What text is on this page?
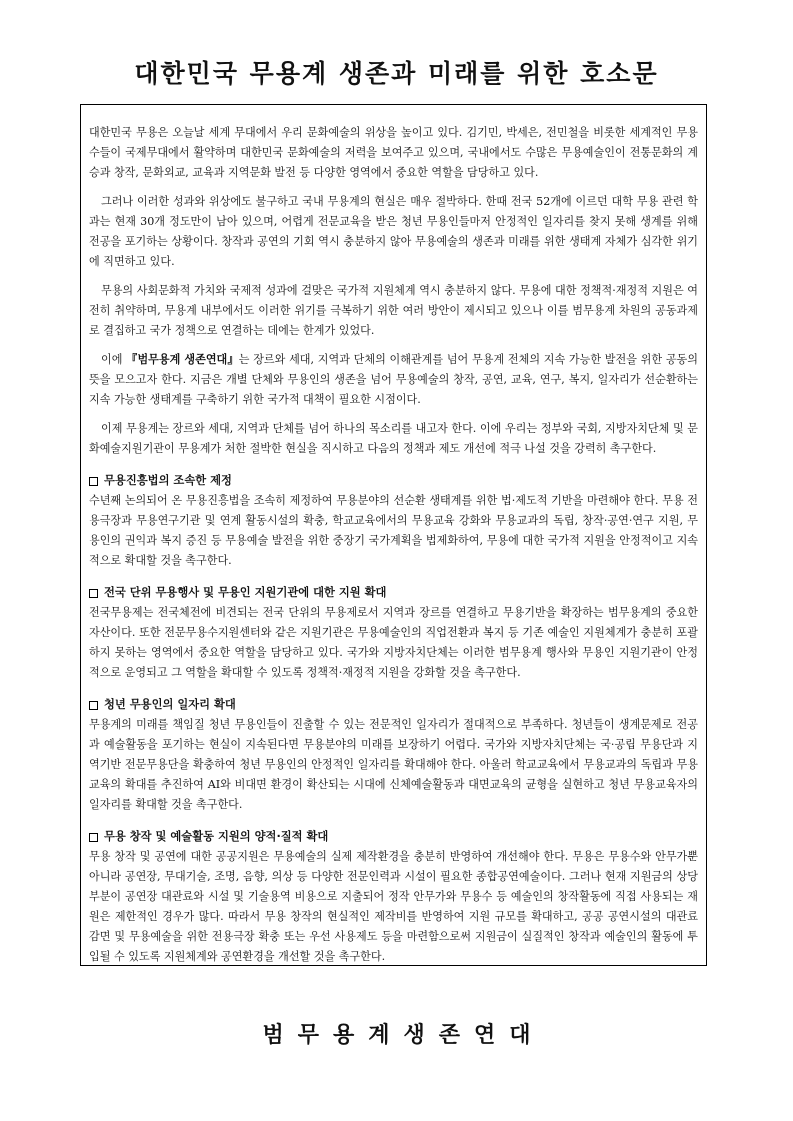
대한민국 무용계 생존과 미래를 위한 호소문

대한민국 무용은 오늘날 세계 무대에서 우리 문화예술의 위상을 높이고 있다. 김기민, 박세은, 전민철을 비롯한 세계적인 무용수들이 국제무대에서 활약하며 대한민국 문화예술의 저력을 보여주고 있으며, 국내에서도 수많은 무용예술인이 전통문화의 계승과 창작, 문화외교, 교육과 지역문화 발전 등 다양한 영역에서 중요한 역할을 담당하고 있다.

그러나 이러한 성과와 위상에도 불구하고 국내 무용계의 현실은 매우 절박하다. 한때 전국 52개에 이르던 대학 무용 관련 학과는 현재 30개 정도만이 남아 있으며, 어렵게 전문교육을 받은 청년 무용인들마저 안정적인 일자리를 찾지 못해 생계를 위해 전공을 포기하는 상황이다. 창작과 공연의 기회 역시 충분하지 않아 무용예술의 생존과 미래를 위한 생태계 자체가 심각한 위기에 직면하고 있다.

무용의 사회문화적 가치와 국제적 성과에 걸맞은 국가적 지원체계 역시 충분하지 않다. 무용에 대한 정책적·재정적 지원은 여전히 취약하며, 무용계 내부에서도 이러한 위기를 극복하기 위한 여러 방안이 제시되고 있으나 이를 범무용계 차원의 공동과제로 결집하고 국가 정책으로 연결하는 데에는 한계가 있었다.

이에 『범무용계 생존연대』는 장르와 세대, 지역과 단체의 이해관계를 넘어 무용계 전체의 지속 가능한 발전을 위한 공동의 뜻을 모으고자 한다. 지금은 개별 단체와 무용인의 생존을 넘어 무용예술의 창작, 공연, 교육, 연구, 복지, 일자리가 선순환하는 지속 가능한 생태계를 구축하기 위한 국가적 대책이 필요한 시점이다.

이제 무용계는 장르와 세대, 지역과 단체를 넘어 하나의 목소리를 내고자 한다. 이에 우리는 정부와 국회, 지방자치단체 및 문화예술지원기관이 무용계가 처한 절박한 현실을 직시하고 다음의 정책과 제도 개선에 적극 나설 것을 강력히 촉구한다.

무용진흥법의 조속한 제정

수년째 논의되어 온 무용진흥법을 조속히 제정하여 무용분야의 선순환 생태계를 위한 법·제도적 기반을 마련해야 한다. 무용 전용극장과 무용연구기관 및 연계 활동시설의 확충, 학교교육에서의 무용교육 강화와 무용교과의 독립, 창작·공연·연구 지원, 무용인의 권익과 복지 증진 등 무용예술 발전을 위한 중장기 국가계획을 법제화하여, 무용에 대한 국가적 지원을 안정적이고 지속적으로 확대할 것을 촉구한다.

전국 단위 무용행사 및 무용인 지원기관에 대한 지원 확대

전국무용제는 전국체전에 비견되는 전국 단위의 무용제로서 지역과 장르를 연결하고 무용기반을 확장하는 범무용계의 중요한 자산이다. 또한 전문무용수지원센터와 같은 지원기관은 무용예술인의 직업전환과 복지 등 기존 예술인 지원체계가 충분히 포괄하지 못하는 영역에서 중요한 역할을 담당하고 있다. 국가와 지방자치단체는 이러한 범무용계 행사와 무용인 지원기관이 안정적으로 운영되고 그 역할을 확대할 수 있도록 정책적·재정적 지원을 강화할 것을 촉구한다.

청년 무용인의 일자리 확대

무용계의 미래를 책임질 청년 무용인들이 진출할 수 있는 전문적인 일자리가 절대적으로 부족하다. 청년들이 생계문제로 전공과 예술활동을 포기하는 현실이 지속된다면 무용분야의 미래를 보장하기 어렵다. 국가와 지방자치단체는 국·공립 무용단과 지역기반 전문무용단을 확충하여 청년 무용인의 안정적인 일자리를 확대해야 한다. 아울러 학교교육에서 무용교과의 독립과 무용교육의 확대를 추진하여 AI와 비대면 환경이 확산되는 시대에 신체예술활동과 대면교육의 균형을 실현하고 청년 무용교육자의 일자리를 확대할 것을 촉구한다.

무용 창작 및 예술활동 지원의 양적·질적 확대

무용 창작 및 공연에 대한 공공지원은 무용예술의 실제 제작환경을 충분히 반영하여 개선해야 한다. 무용은 무용수와 안무가뿐 아니라 공연장, 무대기술, 조명, 음향, 의상 등 다양한 전문인력과 시설이 필요한 종합공연예술이다. 그러나 현재 지원금의 상당 부분이 공연장 대관료와 시설 및 기술용역 비용으로 지출되어 정작 안무가와 무용수 등 예술인의 창작활동에 직접 사용되는 재원은 제한적인 경우가 많다. 따라서 무용 창작의 현실적인 제작비를 반영하여 지원 규모를 확대하고, 공공 공연시설의 대관료 감면 및 무용예술을 위한 전용극장 확충 또는 우선 사용제도 등을 마련함으로써 지원금이 실질적인 창작과 예술인의 활동에 투입될 수 있도록 지원체계와 공연환경을 개선할 것을 촉구한다.

범무용계생존연대
